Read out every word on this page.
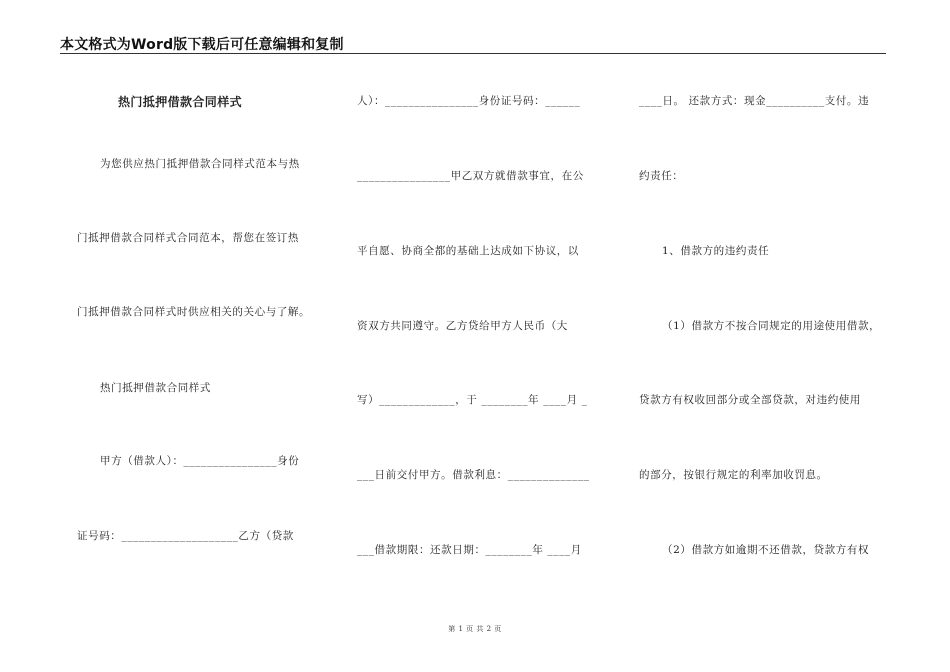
本文格式为Word版下载后可任意编辑和复制
热门抵押借款合同样式
为您供应热门抵押借款合同样式范本与热
门抵押借款合同样式合同范本，帮您在签订热
门抵押借款合同样式时供应相关的关心与了解。
热门抵押借款合同样式
甲方（借款人）：________________身份
证号码：____________________乙方（贷款
人）：________________身份证号码：______
________________甲乙双方就借款事宜，在公
平自愿、协商全都的基础上达成如下协议，以
资双方共同遵守。乙方贷给甲方人民币（大
写）_____________，于 ________年 ____月 _
___日前交付甲方。借款利息：______________
___借款期限：还款日期：________年 ____月
____日。 还款方式：现金__________支付。违
约责任：
1、借款方的违约责任
（1）借款方不按合同规定的用途使用借款，
贷款方有权收回部分或全部贷款，对违约使用
的部分，按银行规定的利率加收罚息。
（2）借款方如逾期不还借款，贷款方有权
第 1 页 共 2 页
